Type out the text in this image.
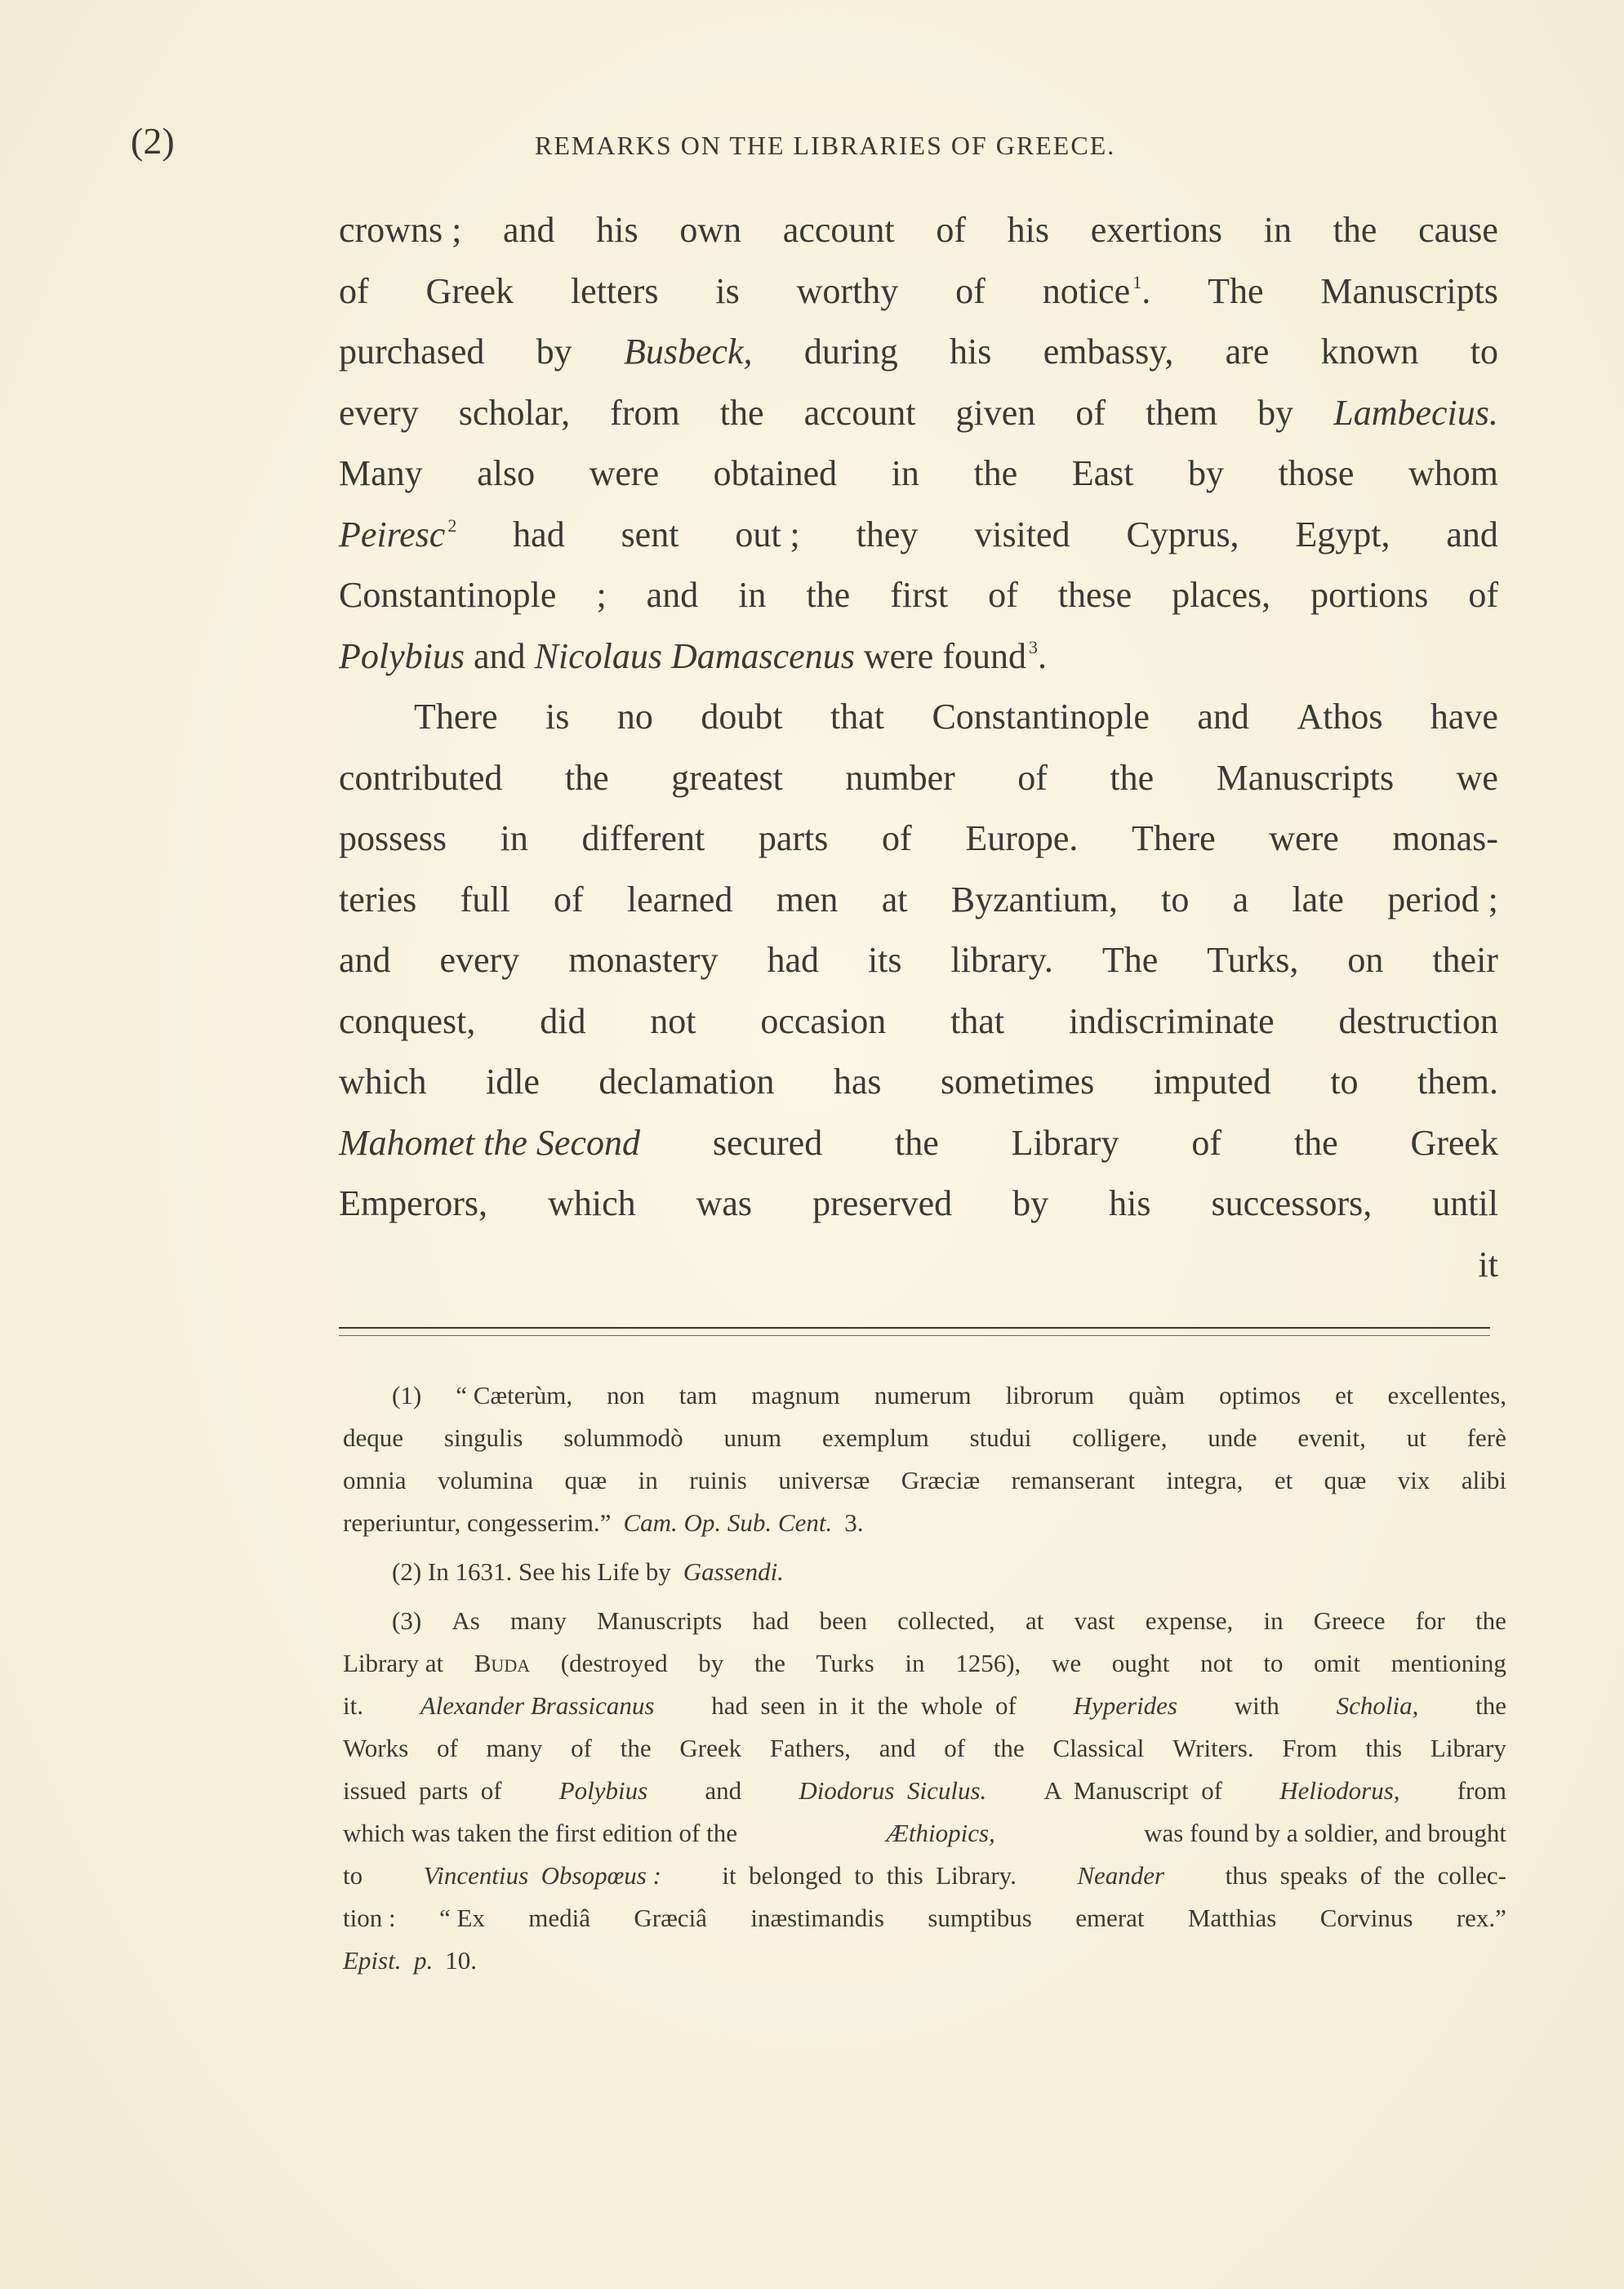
(2)	REMARKS ON THE LIBRARIES OF GREECE.
crowns ; and his own account of his exertions in the cause
of Greek letters is worthy of notice $^1$. The Manuscripts
purchased by Busbeck, during his embassy, are known to
every scholar, from the account given of them by Lambecius.
Many also were obtained in the East by those whom
Peiresc $^2$ had sent out ; they visited Cyprus, Egypt, and
Constantinople ; and in the first of these places, portions of
Polybius
and
Nicolaus Damascenus
were
found $^3$.
There is no doubt that Constantinople and Athos have
contributed the greatest number of the Manuscripts we
possess in different parts of Europe. There were monas-
teries full of learned men at Byzantium, to a late period ;
and every monastery had its library. The Turks, on their
conquest, did not occasion that indiscriminate destruction
which idle declamation has sometimes imputed to them.
Mahomet the Second secured the Library of the Greek
Emperors, which was preserved by his successors, until
it
(1) “ Cæterùm, non tam magnum numerum librorum quàm optimos et excellentes,
deque singulis solummodò unum exemplum studui colligere, unde evenit, ut ferè
omnia volumina quæ in ruinis universæ Græciæ remanserant integra, et quæ vix alibi
reperiuntur, congesserim.” Cam. Op. Sub. Cent. 3.
(2) In 1631. See his Life by Gassendi.
(3) As many Manuscripts had been collected, at vast expense, in Greece for the
Library at Buda (destroyed by the Turks in 1256), we ought not to omit mentioning
it. Alexander Brassicanus had  seen  in  it  the  whole  of Hyperides with Scholia, the
Works of many of the Greek Fathers, and of the Classical Writers. From this Library
issued  parts  of Polybius and Diodorus  Siculus. A  Manuscript  of Heliodorus, from
which was taken the first edition of the	Æthiopics,	was found by a soldier, and brought
to Vincentius  Obsopœus : it  belonged  to  this  Library. Neander thus  speaks  of  the  collec-
tion : “ Ex mediâ Græciâ inæstimandis sumptibus emerat Matthias Corvinus rex.”
Epist.  p. 10.
